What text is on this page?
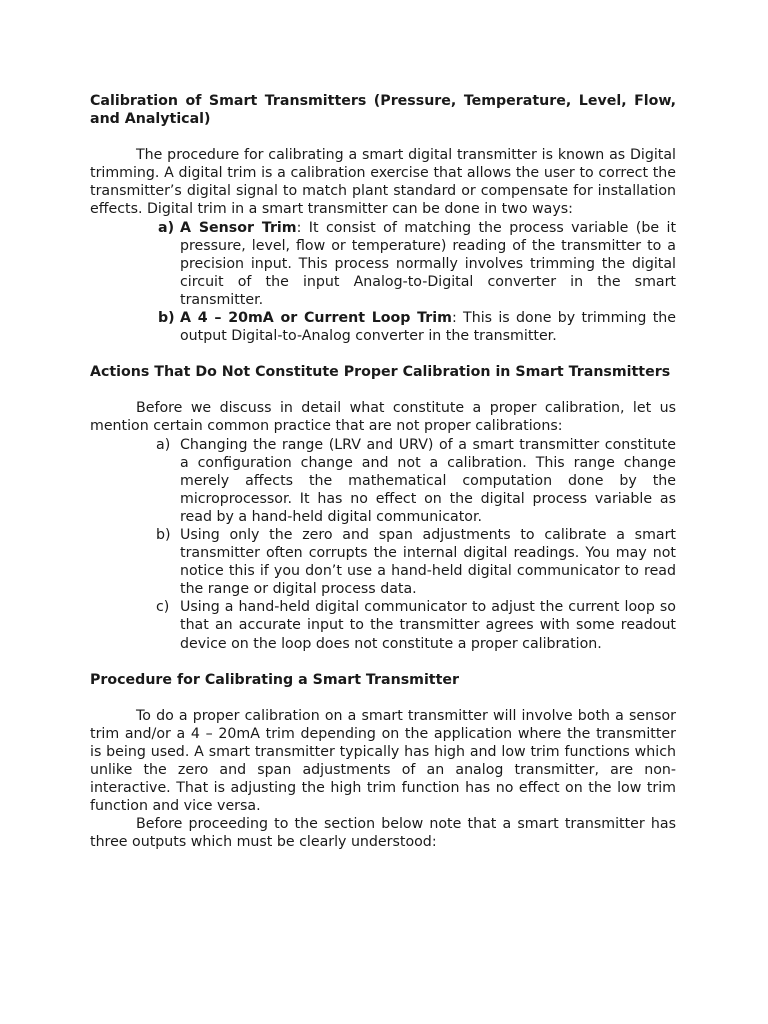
Calibration of Smart Transmitters (Pressure, Temperature, Level, Flow, and Analytical)

The procedure for calibrating a smart digital transmitter is known as Digital trimming. A digital trim is a calibration exercise that allows the user to correct the transmitter’s digital signal to match plant standard or compensate for installation effects. Digital trim in a smart transmitter can be done in two ways:

a) A Sensor Trim: It consist of matching the process variable (be it pressure, level, flow or temperature) reading of the transmitter to a precision input. This process normally involves trimming the digital circuit of the input Analog-to-Digital converter in the smart transmitter.
b) A 4 – 20mA or Current Loop Trim: This is done by trimming the output Digital-to-Analog converter in the transmitter.

Actions That Do Not Constitute Proper Calibration in Smart Transmitters

Before we discuss in detail what constitute a proper calibration, let us mention certain common practice that are not proper calibrations:

a) Changing the range (LRV and URV) of a smart transmitter constitute a configuration change and not a calibration. This range change merely affects the mathematical computation done by the microprocessor. It has no effect on the digital process variable as read by a hand-held digital communicator.
b) Using only the zero and span adjustments to calibrate a smart transmitter often corrupts the internal digital readings. You may not notice this if you don’t use a hand-held digital communicator to read the range or digital process data.
c) Using a hand-held digital communicator to adjust the current loop so that an accurate input to the transmitter agrees with some readout device on the loop does not constitute a proper calibration.

Procedure for Calibrating a Smart Transmitter

To do a proper calibration on a smart transmitter will involve both a sensor trim and/or a 4 – 20mA trim depending on the application where the transmitter is being used. A smart transmitter typically has high and low trim functions which unlike the zero and span adjustments of an analog transmitter, are non-interactive. That is adjusting the high trim function has no effect on the low trim function and vice versa.

Before proceeding to the section below note that a smart transmitter has three outputs which must be clearly understood:
